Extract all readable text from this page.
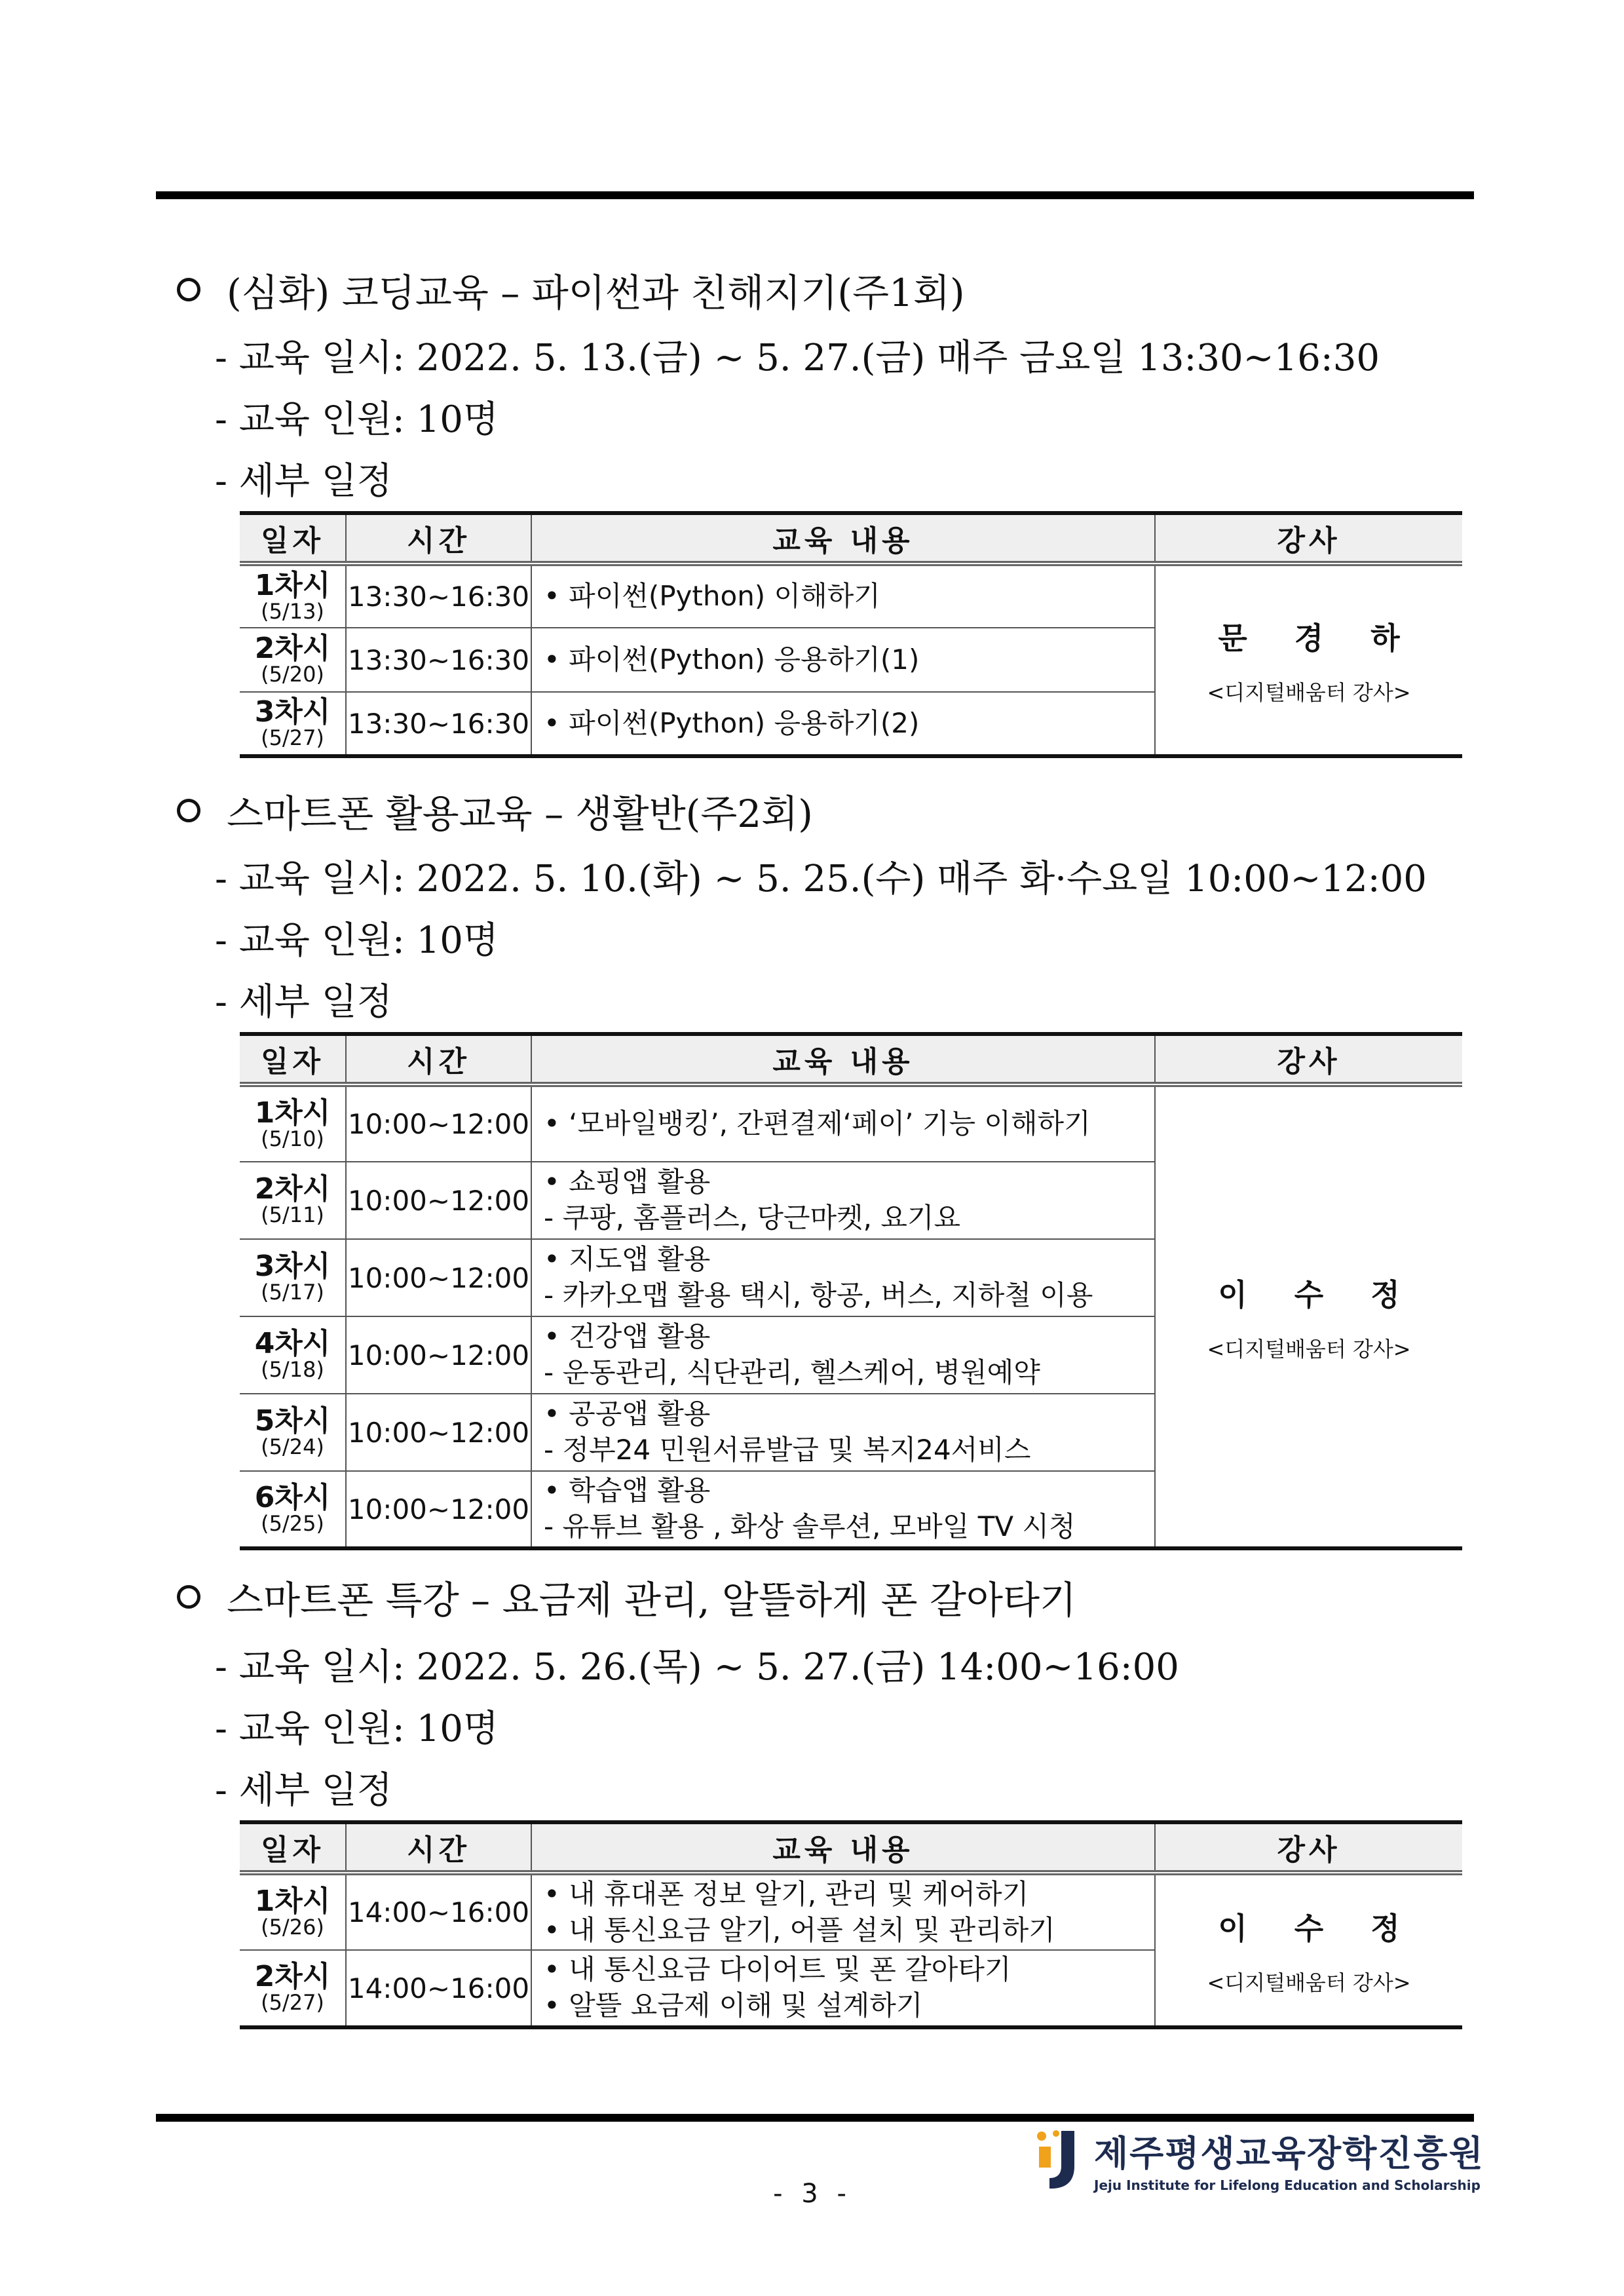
(심화) 코딩교육 – 파이썬과 친해지기(주1회)
- 교육 일시: 2022. 5. 13.(금) ~ 5. 27.(금) 매주 금요일 13:30~16:30
- 교육 인원: 10명
- 세부 일정
일자	시간	교육 내용	강사

1차시
(5/13)	13:30~16:30	• 파이썬(Python) 이해하기	문 경 하
<디지털배움터 강사>

2차시
(5/20)	13:30~16:30	• 파이썬(Python) 응용하기(1)	

3차시
(5/27)	13:30~16:30	• 파이썬(Python) 응용하기(2)	
스마트폰 활용교육 – 생활반(주2회)
- 교육 일시: 2022. 5. 10.(화) ~ 5. 25.(수) 매주 화·수요일 10:00~12:00
- 교육 인원: 10명
- 세부 일정
일자	시간	교육 내용	강사

1차시
(5/10)	10:00~12:00	• ‘모바일뱅킹’, 간편결제‘페이’ 기능 이해하기	이 수 정
<디지털배움터 강사>

2차시
(5/11)	10:00~12:00	• 쇼핑앱 활용
- 쿠팡, 홈플러스, 당근마켓, 요기요	

3차시
(5/17)	10:00~12:00	• 지도앱 활용
- 카카오맵 활용 택시, 항공, 버스, 지하철 이용	

4차시
(5/18)	10:00~12:00	• 건강앱 활용
- 운동관리, 식단관리, 헬스케어, 병원예약	

5차시
(5/24)	10:00~12:00	• 공공앱 활용
- 정부24 민원서류발급 및 복지24서비스	

6차시
(5/25)	10:00~12:00	• 학습앱 활용
- 유튜브 활용 , 화상 솔루션, 모바일 TV 시청	
스마트폰 특강 – 요금제 관리, 알뜰하게 폰 갈아타기
- 교육 일시: 2022. 5. 26.(목) ~ 5. 27.(금) 14:00~16:00
- 교육 인원: 10명
- 세부 일정
일자	시간	교육 내용	강사

1차시
(5/26)	14:00~16:00	• 내 휴대폰 정보 알기, 관리 및 케어하기
• 내 통신요금 알기, 어플 설치 및 관리하기	이 수 정
<디지털배움터 강사>

2차시
(5/27)	14:00~16:00	• 내 통신요금 다이어트 및 폰 갈아타기
• 알뜰 요금제 이해 및 설계하기	
- 3 -
제주평생교육장학진흥원
Jeju Institute for Lifelong Education and Scholarship
